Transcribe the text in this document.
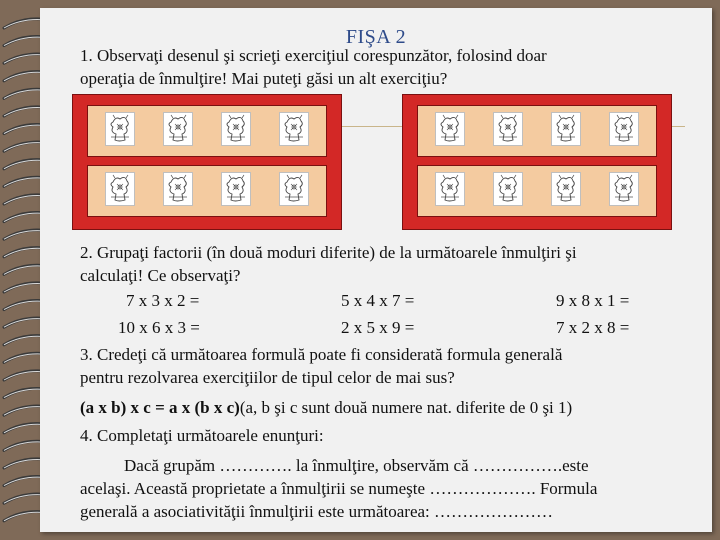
FIŞA 2
1. Observaţi desenul şi scrieţi exerciţiul corespunzător, folosind doar
operaţia de înmulţire! Mai puteţi găsi un alt exerciţiu?
2. Grupaţi factorii (în două moduri diferite) de la următoarele înmulţiri şi
calculaţi! Ce observaţi?
7 x 3 x 2 =	5 x 4 x 7 =	9 x 8 x 1 =
10 x 6 x 3 =	2 x 5 x 9 =	7 x 2 x 8 =
3. Credeţi că următoarea formulă poate fi considerată formula generală
pentru rezolvarea exerciţiilor de tipul celor de mai sus?
(a x b) x c = a x (b x c)(a, b şi c sunt două numere nat. diferite de 0 şi 1)
4. Completaţi următoarele enunţuri:
Dacă grupăm …………. la înmulţire, observăm că …………….este
acelaşi. Această proprietate a înmulţirii se numeşte ………………. Formula
generală a asociativităţii înmulţirii este următoarea: …………………
